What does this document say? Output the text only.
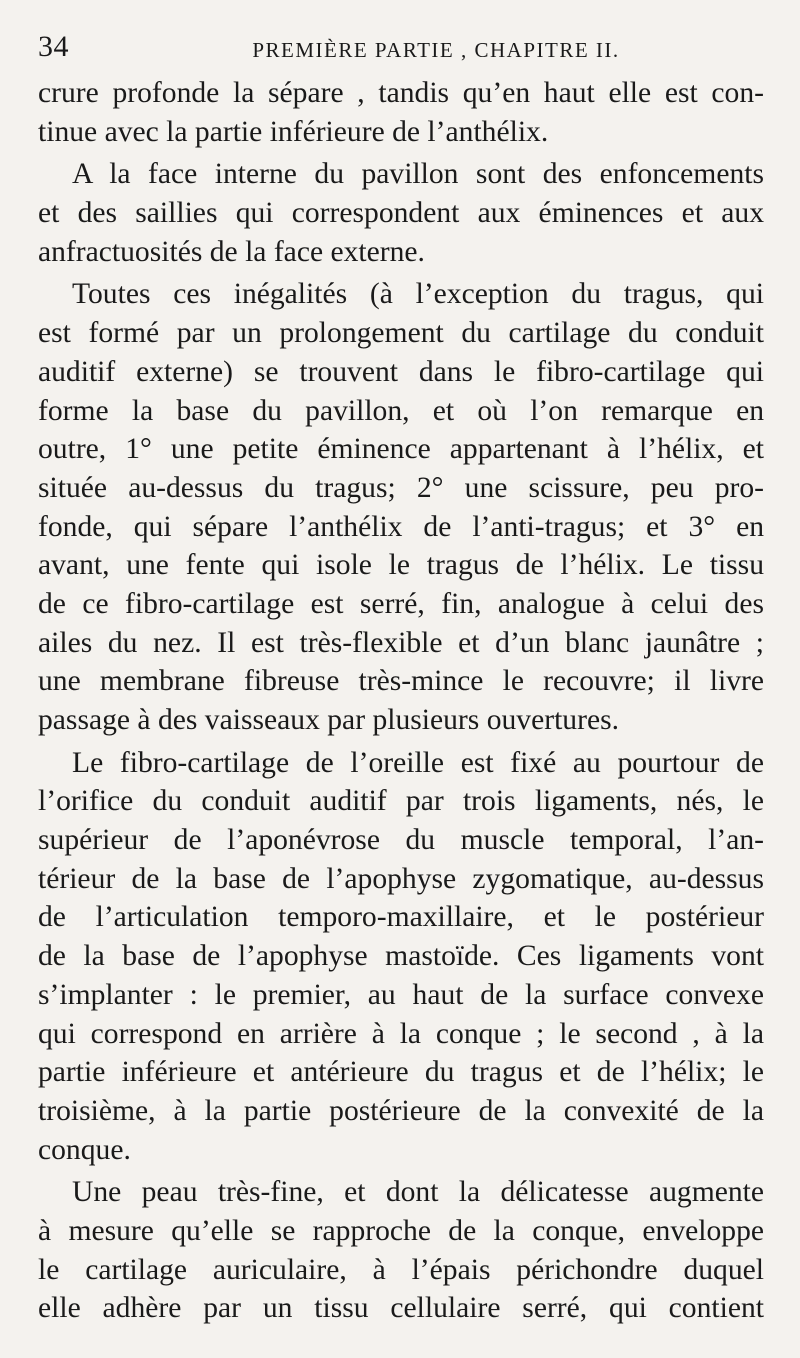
34	PREMIÈRE PARTIE , CHAPITRE II.

crure profonde la sépare , tandis qu’en haut elle est con-
tinue avec la partie inférieure de l’anthélix.

A la face interne du pavillon sont des enfoncements
et des saillies qui correspondent aux éminences et aux
anfractuosités de la face externe.

Toutes ces inégalités (à l’exception du tragus, qui
est formé par un prolongement du cartilage du conduit
auditif externe) se trouvent dans le fibro-cartilage qui
forme la base du pavillon, et où l’on remarque en
outre, 1° une petite éminence appartenant à l’hélix, et
située au-dessus du tragus; 2° une scissure, peu pro-
fonde, qui sépare l’anthélix de l’anti-tragus; et 3° en
avant, une fente qui isole le tragus de l’hélix. Le tissu
de ce fibro-cartilage est serré, fin, analogue à celui des
ailes du nez. Il est très-flexible et d’un blanc jaunâtre ;
une membrane fibreuse très-mince le recouvre; il livre
passage à des vaisseaux par plusieurs ouvertures.

Le fibro-cartilage de l’oreille est fixé au pourtour de
l’orifice du conduit auditif par trois ligaments, nés, le
supérieur de l’aponévrose du muscle temporal, l’an-
térieur de la base de l’apophyse zygomatique, au-dessus
de l’articulation temporo-maxillaire, et le postérieur
de la base de l’apophyse mastoïde. Ces ligaments vont
s’implanter : le premier, au haut de la surface convexe
qui correspond en arrière à la conque ; le second , à la
partie inférieure et antérieure du tragus et de l’hélix; le
troisième, à la partie postérieure de la convexité de la
conque.

Une peau très-fine, et dont la délicatesse augmente
à mesure qu’elle se rapproche de la conque, enveloppe
le cartilage auriculaire, à l’épais périchondre duquel
elle adhère par un tissu cellulaire serré, qui contient
